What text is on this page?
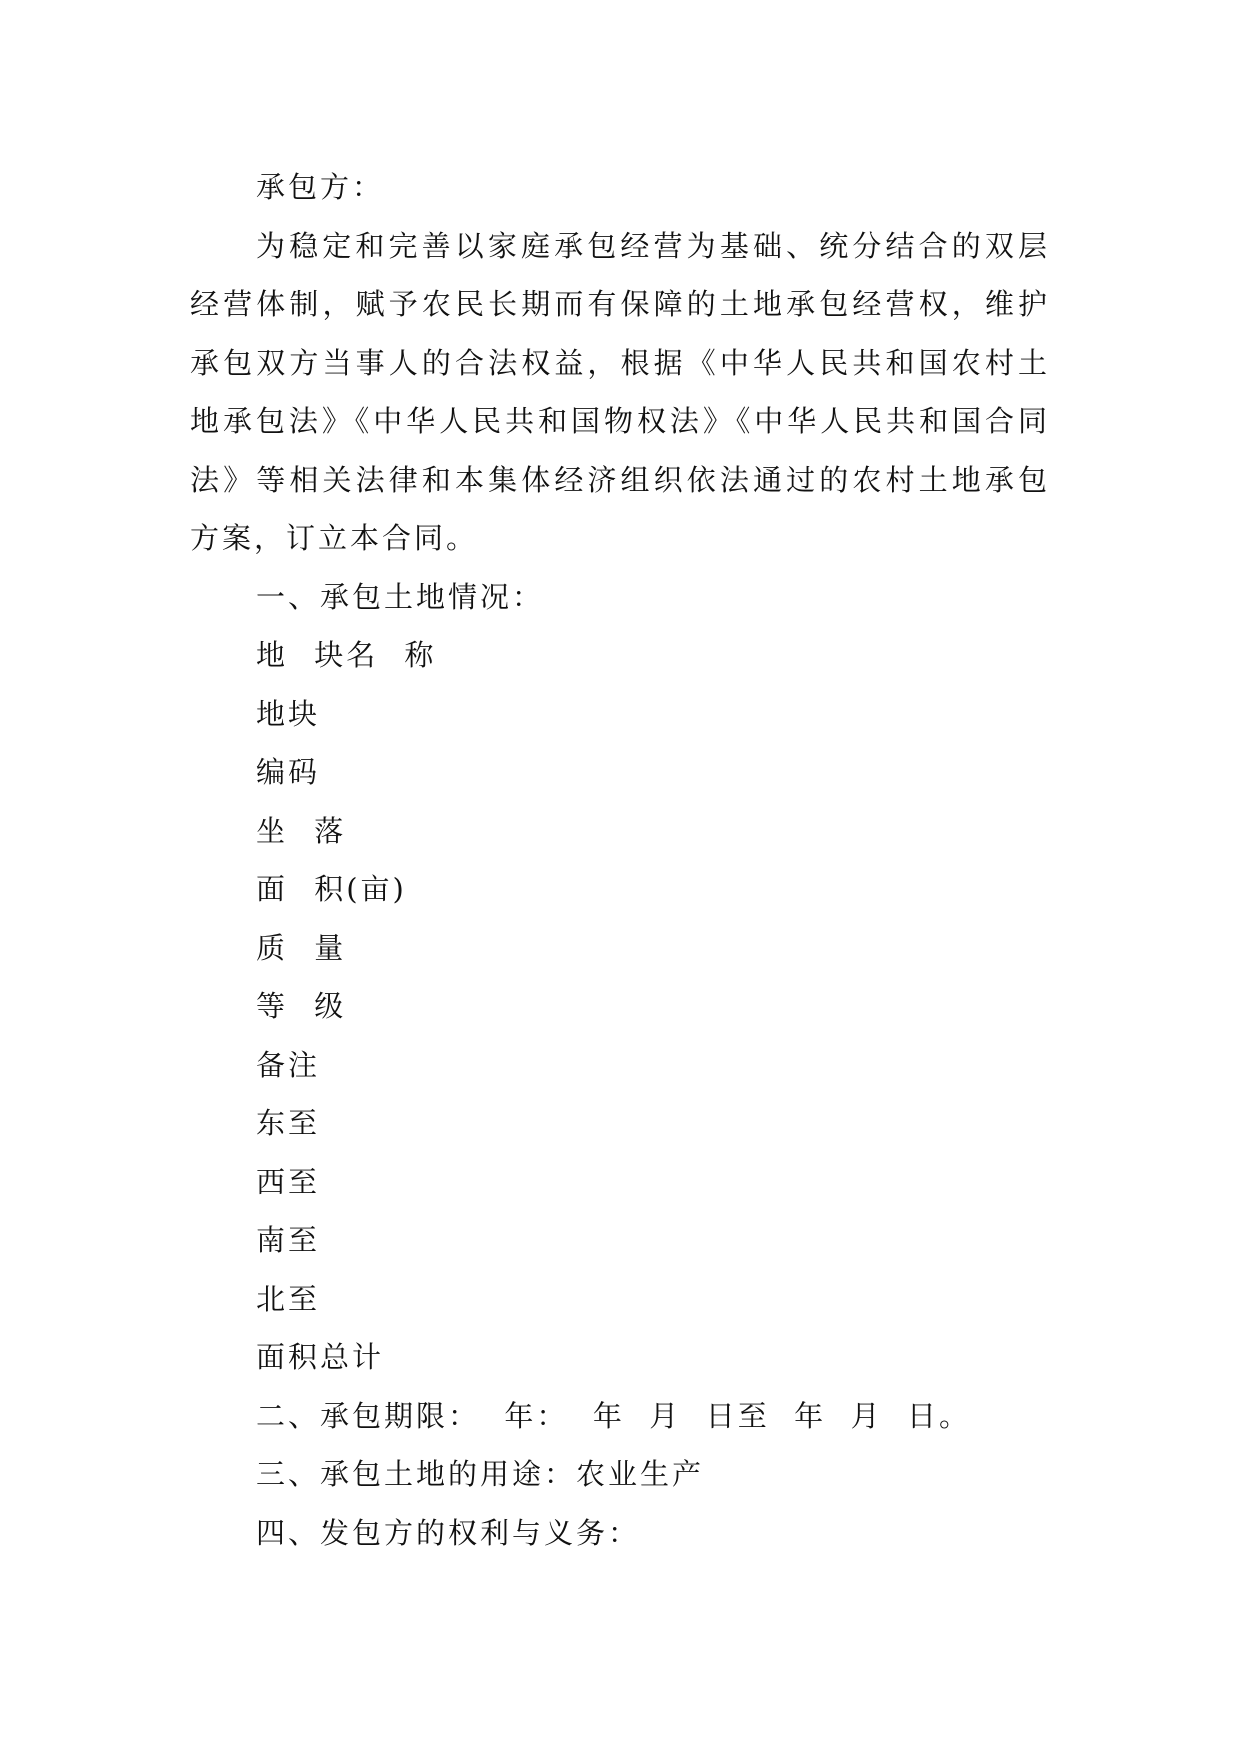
承包方：

为稳定和完善以家庭承包经营为基础、统分结合的双层经营体制，赋予农民长期而有保障的土地承包经营权，维护承包双方当事人的合法权益，根据《中华人民共和国农村土地承包法》《中华人民共和国物权法》《中华人民共和国合同法》等相关法律和本集体经济组织依法通过的农村土地承包方案，订立本合同。

一、承包土地情况：

地 块名 称

地块

编码

坐 落

面 积(亩)

质 量

等 级

备注

东至

西至

南至

北至

面积总计

二、承包期限：  年：  年  月  日至  年  月  日。

三、承包土地的用途：农业生产

四、发包方的权利与义务：
